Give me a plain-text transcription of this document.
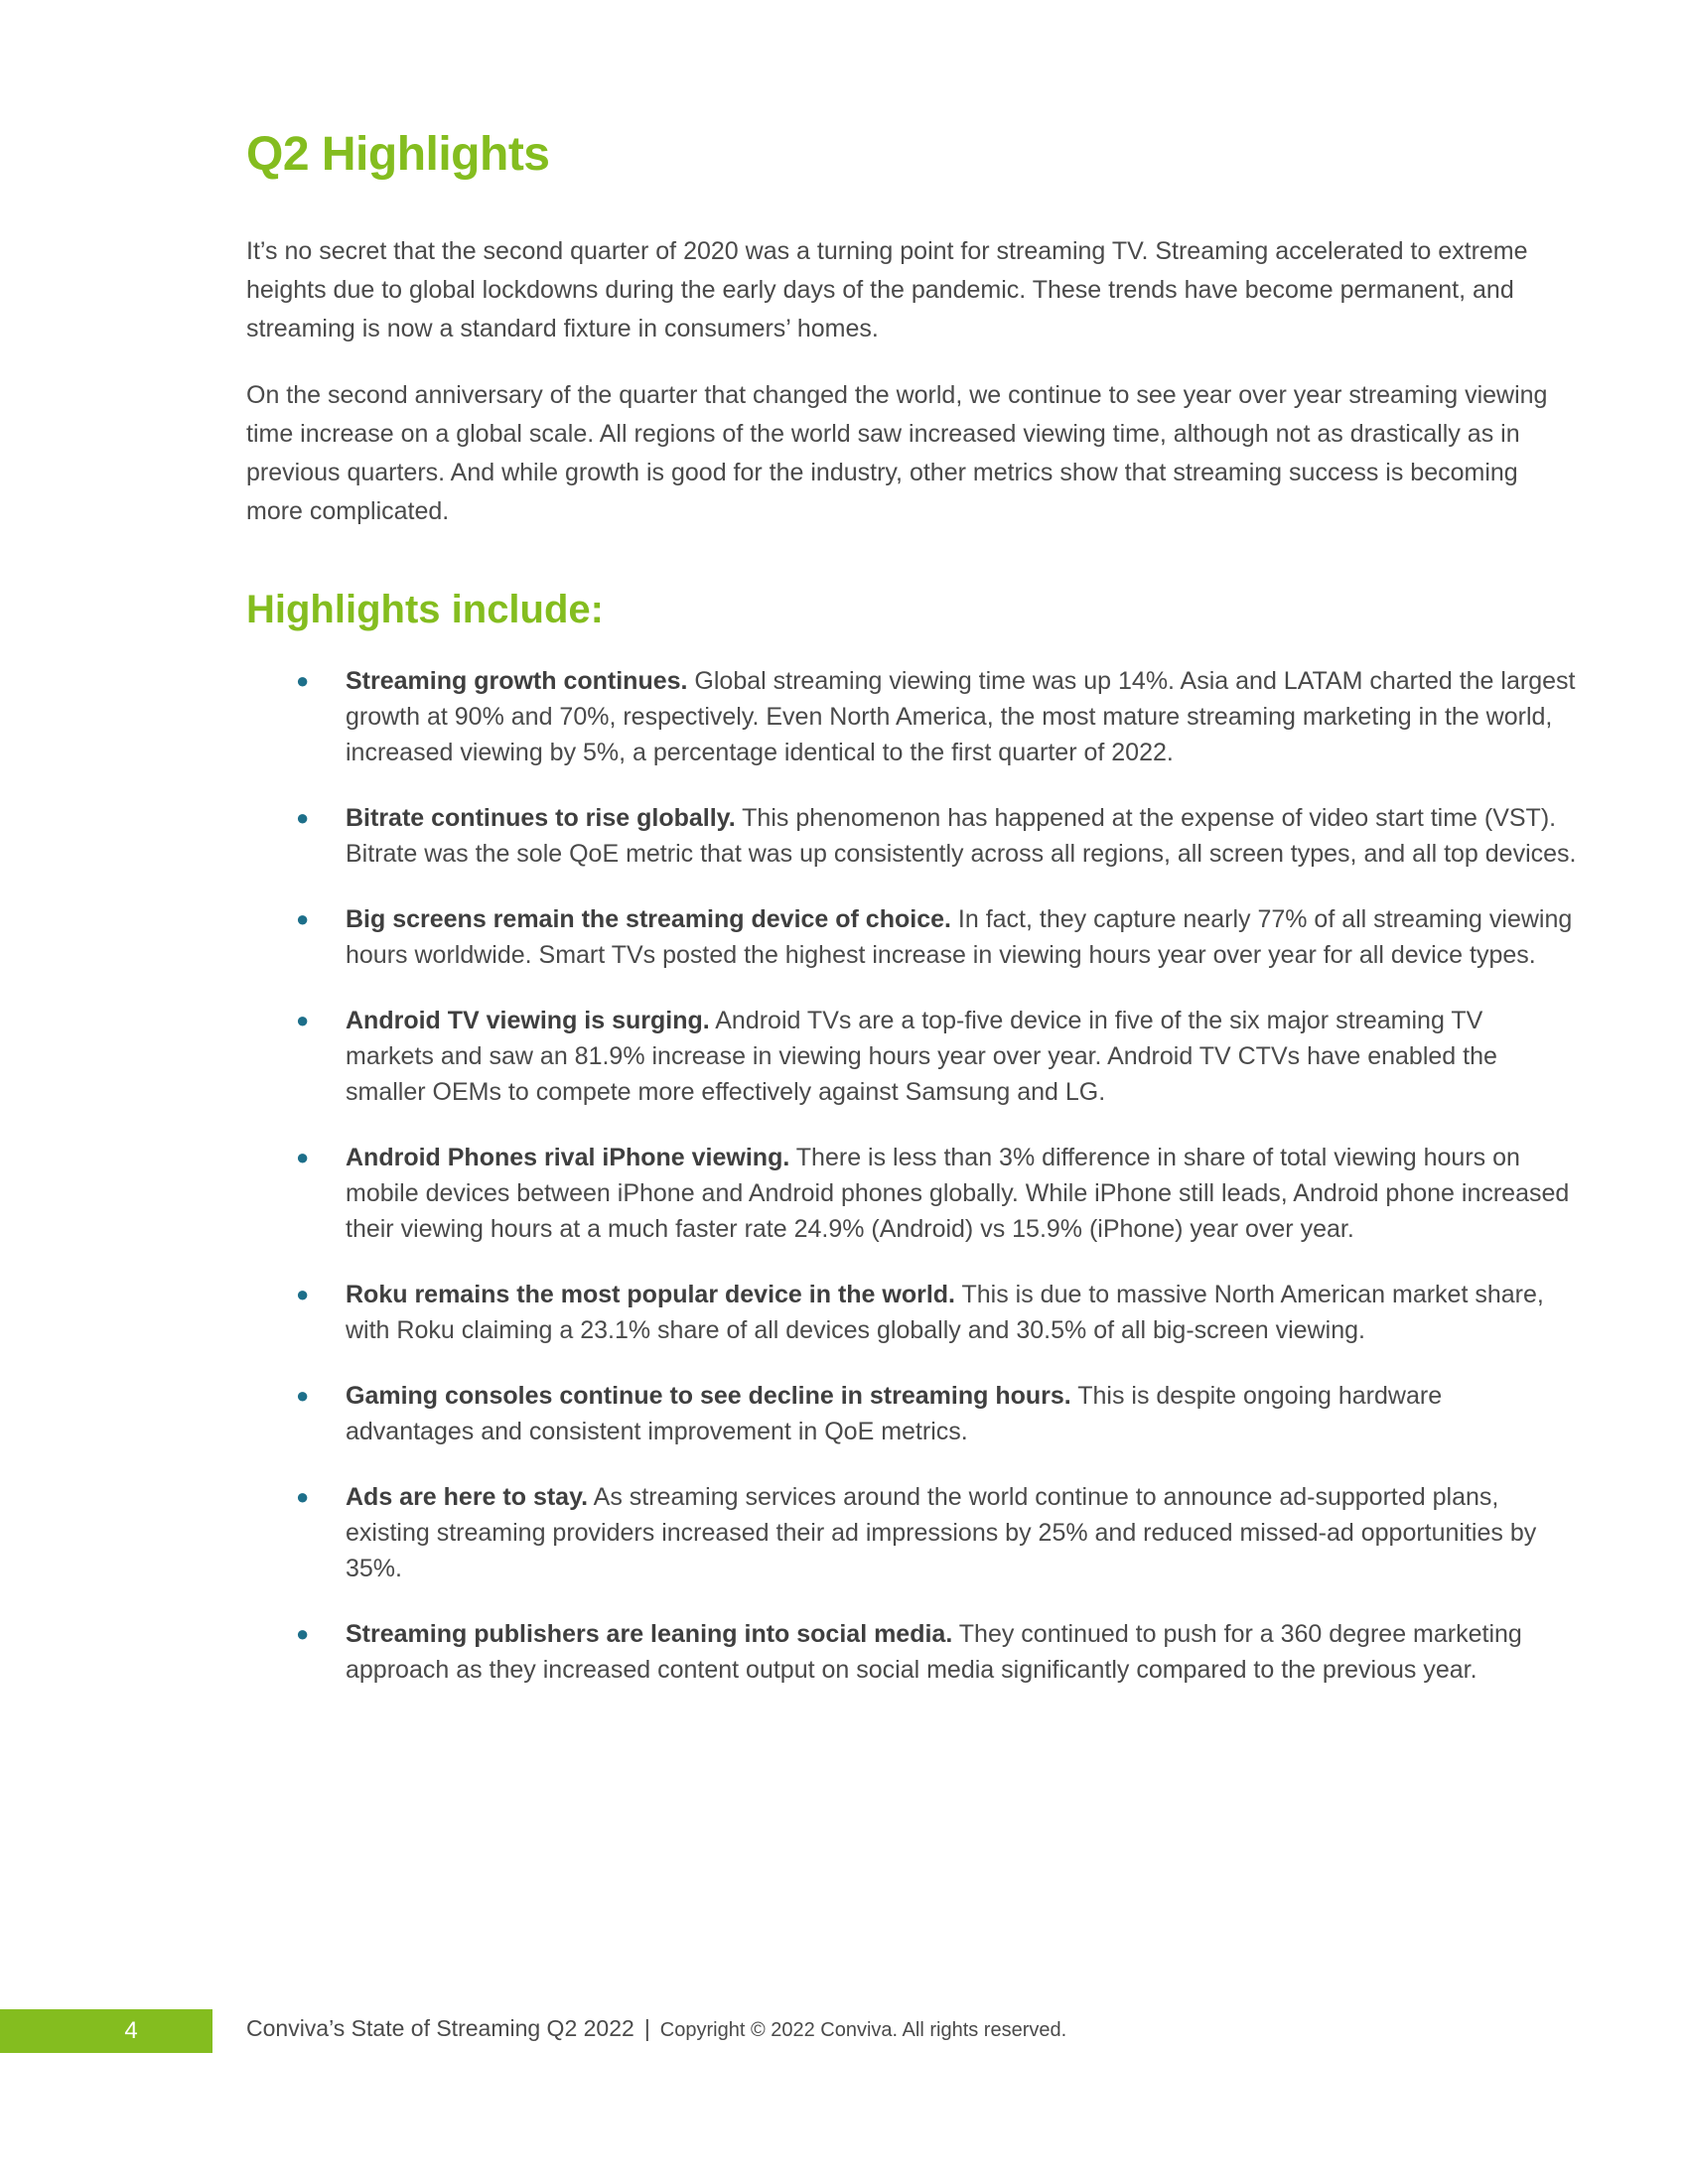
Q2 Highlights

It’s no secret that the second quarter of 2020 was a turning point for streaming TV. Streaming accelerated to extreme heights due to global lockdowns during the early days of the pandemic. These trends have become permanent, and streaming is now a standard fixture in consumers’ homes.

On the second anniversary of the quarter that changed the world, we continue to see year over year streaming viewing time increase on a global scale. All regions of the world saw increased viewing time, although not as drastically as in previous quarters. And while growth is good for the industry, other metrics show that streaming success is becoming more complicated.

Highlights include:
● Streaming growth continues. Global streaming viewing time was up 14%. Asia and LATAM charted the largest growth at 90% and 70%, respectively. Even North America, the most mature streaming marketing in the world, increased viewing by 5%, a percentage identical to the first quarter of 2022.
● Bitrate continues to rise globally. This phenomenon has happened at the expense of video start time (VST). Bitrate was the sole QoE metric that was up consistently across all regions, all screen types, and all top devices.
● Big screens remain the streaming device of choice. In fact, they capture nearly 77% of all streaming viewing hours worldwide. Smart TVs posted the highest increase in viewing hours year over year for all device types.
● Android TV viewing is surging. Android TVs are a top-five device in five of the six major streaming TV markets and saw an 81.9% increase in viewing hours year over year. Android TV CTVs have enabled the smaller OEMs to compete more effectively against Samsung and LG.
● Android Phones rival iPhone viewing. There is less than 3% difference in share of total viewing hours on mobile devices between iPhone and Android phones globally. While iPhone still leads, Android phone increased their viewing hours at a much faster rate 24.9% (Android) vs 15.9% (iPhone) year over year.
● Roku remains the most popular device in the world. This is due to massive North American market share, with Roku claiming a 23.1% share of all devices globally and 30.5% of all big-screen viewing.
● Gaming consoles continue to see decline in streaming hours. This is despite ongoing hardware advantages and consistent improvement in QoE metrics.
● Ads are here to stay. As streaming services around the world continue to announce ad-supported plans, existing streaming providers increased their ad impressions by 25% and reduced missed-ad opportunities by 35%.
● Streaming publishers are leaning into social media. They continued to push for a 360 degree marketing approach as they increased content output on social media significantly compared to the previous year.
4	Conviva’s State of Streaming Q2 2022 | Copyright © 2022 Conviva. All rights reserved.
